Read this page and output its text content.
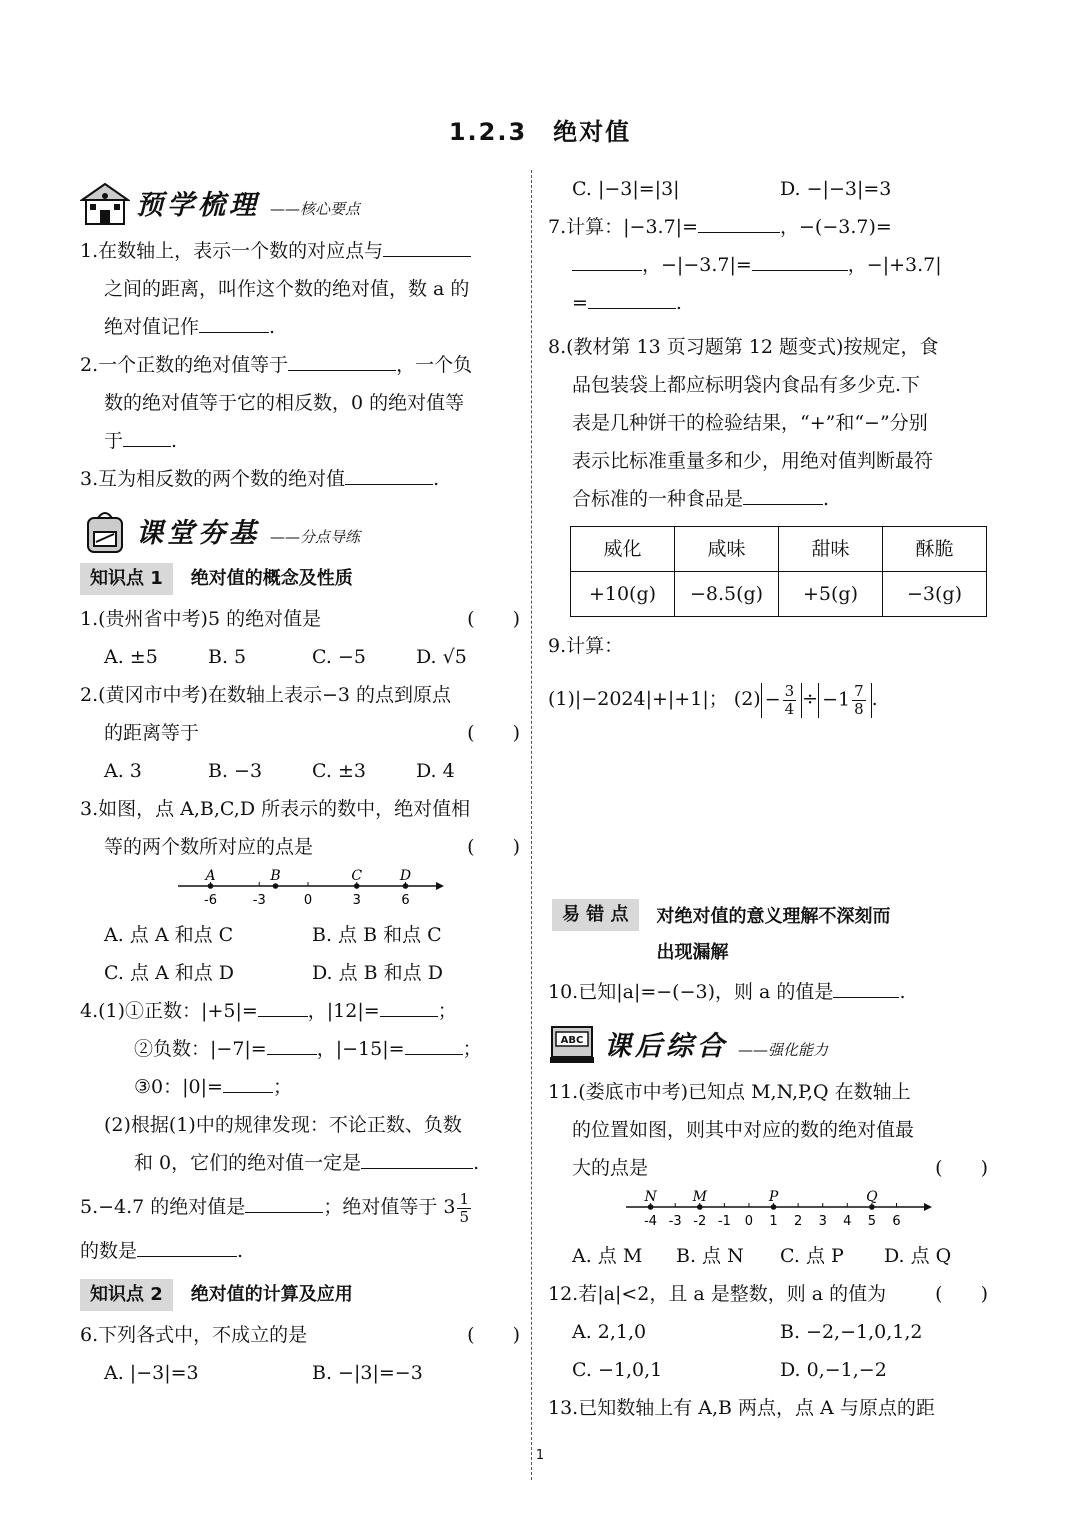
1.2.3　绝对值
预学梳理 ——核心要点
1.在数轴上，表示一个数的对应点与
之间的距离，叫作这个数的绝对值，数 a 的
绝对值记作	.
2.一个正数的绝对值等于	，一个负
数的绝对值等于它的相反数，0 的绝对值等
于	.
3.互为相反数的两个数的绝对值	.
课堂夯基 ——分点导练
知识点 1	绝对值的概念及性质
1.(贵州省中考)5 的绝对值是	(　　)
A. ±5	B. 5	C. −5	D. √5
2.(黄冈市中考)在数轴上表示−3 的点到原点
的距离等于	(　　)
A. 3	B. −3	C. ±3	D. 4
3.如图，点 A,B,C,D 所表示的数中，绝对值相
等的两个数所对应的点是	(　　)
-6	-3	0	3	6
A	B	C	D
A. 点 A 和点 C	B. 点 B 和点 C
C. 点 A 和点 D	D. 点 B 和点 D
4.(1)①正数：|+5|=	，|12|=	；
②负数：|−7|=	，|−15|=	；
③0：|0|=	；
(2)根据(1)中的规律发现：不论正数、负数
和 0，它们的绝对值一定是	.
5.−4.7 的绝对值是	；绝对值等于 $3 \frac{1}{5}$
的数是	.
知识点 2	绝对值的计算及应用
6.下列各式中，不成立的是	(　　)
A. |−3|=3	B. −|3|=−3
C. |−3|=|3|	D. −|−3|=3
7.计算：|−3.7|=	，−(−3.7)=
，−|−3.7|=	，−|+3.7|
=	.
8.(教材第 13 页习题第 12 题变式)按规定，食
品包装袋上都应标明袋内食品有多少克.下
表是几种饼干的检验结果，“+”和“−”分别
表示比标准重量多和少，用绝对值判断最符
合标准的一种食品是	.
威化	咸味	甜味	酥脆
+10(g)	−8.5(g)	+5(g)	−3(g)
9.计算：
(1)|−2024|+|+1|； $(2) - \frac{3}{4} \div -1 \frac{7}{8}$ .
易 错 点	对绝对值的意义理解不深刻而
出现漏解
10.已知|a|=−(−3)，则 a 的值是	.
ABC 课后综合 ——强化能力
11.(娄底市中考)已知点 M,N,P,Q 在数轴上
的位置如图，则其中对应的数的绝对值最
大的点是	(　　)
-4 -3 -2 -1 0 1 2 3 4 5 6
N	M	P	Q
A. 点 M	B. 点 N	C. 点 P	D. 点 Q
12.若|a|<2，且 a 是整数，则 a 的值为	(　　)
A. 2,1,0	B. −2,−1,0,1,2
C. −1,0,1	D. 0,−1,−2
13.已知数轴上有 A,B 两点，点 A 与原点的距
1
